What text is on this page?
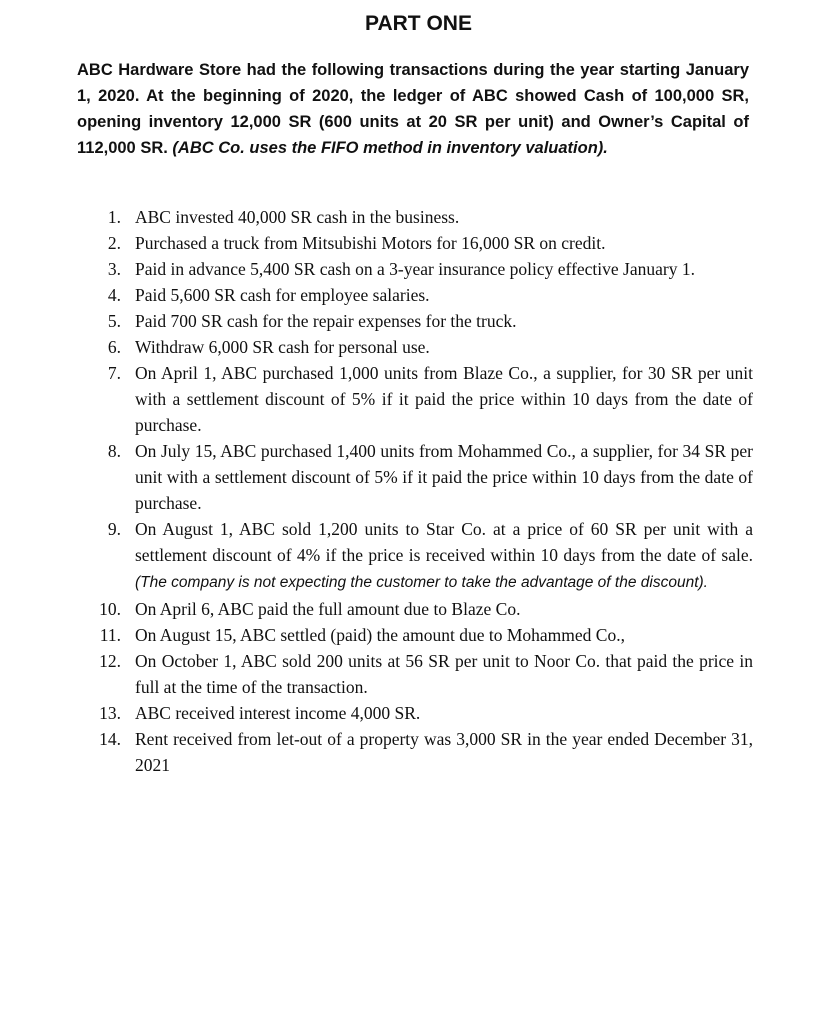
PART ONE

ABC Hardware Store had the following transactions during the year starting January 1, 2020. At the beginning of 2020, the ledger of ABC showed Cash of 100,000 SR, opening inventory 12,000 SR (600 units at 20 SR per unit) and Owner’s Capital of 112,000 SR. (ABC Co. uses the FIFO method in inventory valuation).

1. ABC invested 40,000 SR cash in the business.
2. Purchased a truck from Mitsubishi Motors for 16,000 SR on credit.
3. Paid in advance 5,400 SR cash on a 3-year insurance policy effective January 1.
4. Paid 5,600 SR cash for employee salaries.
5. Paid 700 SR cash for the repair expenses for the truck.
6. Withdraw 6,000 SR cash for personal use.
7. On April 1, ABC purchased 1,000 units from Blaze Co., a supplier, for 30 SR per unit with a settlement discount of 5% if it paid the price within 10 days from the date of purchase.
8. On July 15, ABC purchased 1,400 units from Mohammed Co., a supplier, for 34 SR per unit with a settlement discount of 5% if it paid the price within 10 days from the date of purchase.
9. On August 1, ABC sold 1,200 units to Star Co. at a price of 60 SR per unit with a settlement discount of 4% if the price is received within 10 days from the date of sale. (The company is not expecting the customer to take the advantage of the discount).
10. On April 6, ABC paid the full amount due to Blaze Co.
11. On August 15, ABC settled (paid) the amount due to Mohammed Co.,
12. On October 1, ABC sold 200 units at 56 SR per unit to Noor Co. that paid the price in full at the time of the transaction.
13. ABC received interest income 4,000 SR.
14. Rent received from let-out of a property was 3,000 SR in the year ended December 31, 2021
